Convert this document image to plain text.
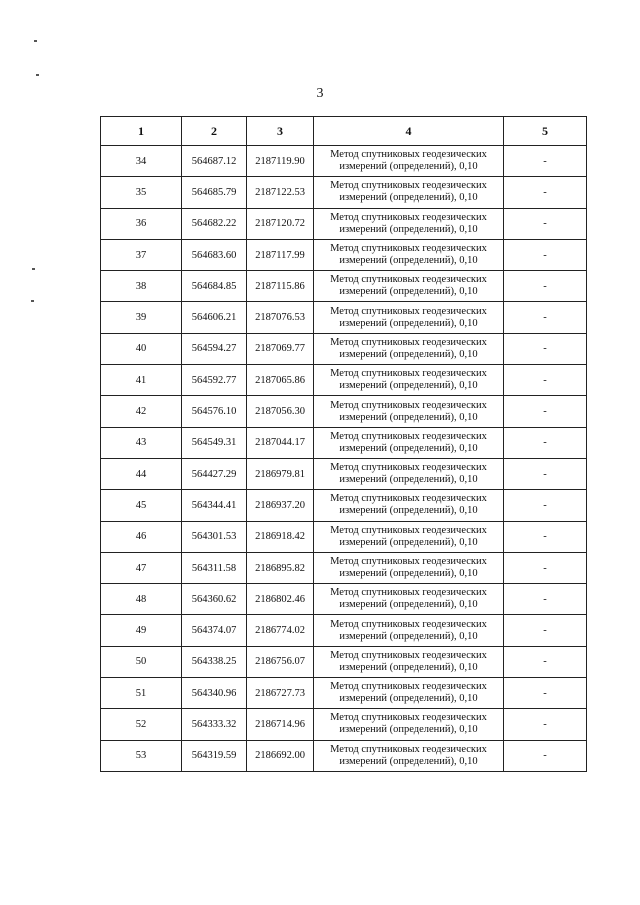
3
1	2	3	4	5
34	564687.12	2187119.90	Метод спутниковых геодезических
измерений (определений), 0,10	-
35	564685.79	2187122.53	Метод спутниковых геодезических
измерений (определений), 0,10	-
36	564682.22	2187120.72	Метод спутниковых геодезических
измерений (определений), 0,10	-
37	564683.60	2187117.99	Метод спутниковых геодезических
измерений (определений), 0,10	-
38	564684.85	2187115.86	Метод спутниковых геодезических
измерений (определений), 0,10	-
39	564606.21	2187076.53	Метод спутниковых геодезических
измерений (определений), 0,10	-
40	564594.27	2187069.77	Метод спутниковых геодезических
измерений (определений), 0,10	-
41	564592.77	2187065.86	Метод спутниковых геодезических
измерений (определений), 0,10	-
42	564576.10	2187056.30	Метод спутниковых геодезических
измерений (определений), 0,10	-
43	564549.31	2187044.17	Метод спутниковых геодезических
измерений (определений), 0,10	-
44	564427.29	2186979.81	Метод спутниковых геодезических
измерений (определений), 0,10	-
45	564344.41	2186937.20	Метод спутниковых геодезических
измерений (определений), 0,10	-
46	564301.53	2186918.42	Метод спутниковых геодезических
измерений (определений), 0,10	-
47	564311.58	2186895.82	Метод спутниковых геодезических
измерений (определений), 0,10	-
48	564360.62	2186802.46	Метод спутниковых геодезических
измерений (определений), 0,10	-
49	564374.07	2186774.02	Метод спутниковых геодезических
измерений (определений), 0,10	-
50	564338.25	2186756.07	Метод спутниковых геодезических
измерений (определений), 0,10	-
51	564340.96	2186727.73	Метод спутниковых геодезических
измерений (определений), 0,10	-
52	564333.32	2186714.96	Метод спутниковых геодезических
измерений (определений), 0,10	-
53	564319.59	2186692.00	Метод спутниковых геодезических
измерений (определений), 0,10	-
